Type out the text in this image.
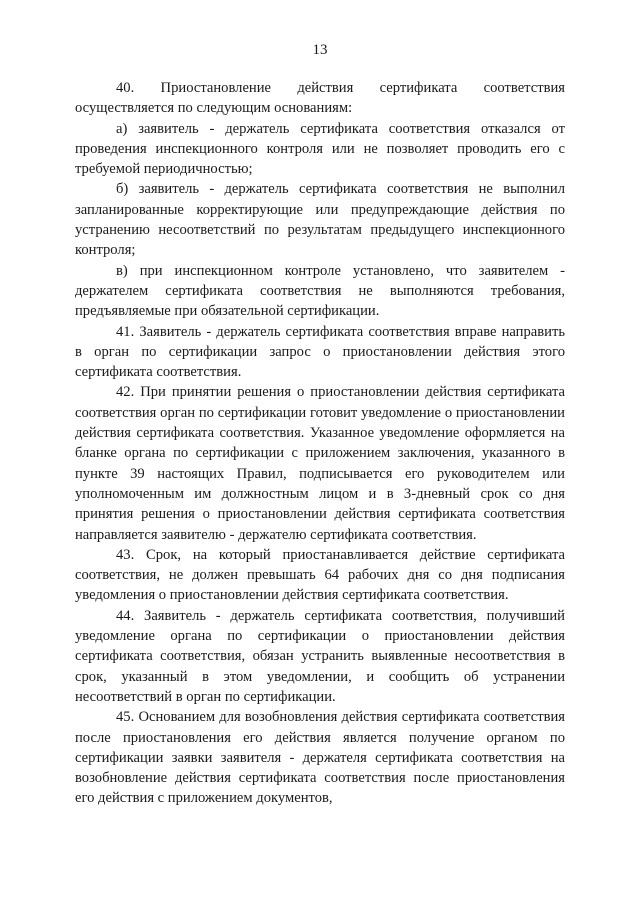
13

40. Приостановление действия сертификата соответствия осуществляется по следующим основаниям:

а) заявитель - держатель сертификата соответствия отказался от проведения инспекционного контроля или не позволяет проводить его с требуемой периодичностью;

б) заявитель - держатель сертификата соответствия не выполнил запланированные корректирующие или предупреждающие действия по устранению несоответствий по результатам предыдущего инспекционного контроля;

в) при инспекционном контроле установлено, что заявителем - держателем сертификата соответствия не выполняются требования, предъявляемые при обязательной сертификации.

41. Заявитель - держатель сертификата соответствия вправе направить в орган по сертификации запрос о приостановлении действия этого сертификата соответствия.

42. При принятии решения о приостановлении действия сертификата соответствия орган по сертификации готовит уведомление о приостановлении действия сертификата соответствия. Указанное уведомление оформляется на бланке органа по сертификации с приложением заключения, указанного в пункте 39 настоящих Правил, подписывается его руководителем или уполномоченным им должностным лицом и в 3-дневный срок со дня принятия решения о приостановлении действия сертификата соответствия направляется заявителю - держателю сертификата соответствия.

43. Срок, на который приостанавливается действие сертификата соответствия, не должен превышать 64 рабочих дня со дня подписания уведомления о приостановлении действия сертификата соответствия.

44. Заявитель - держатель сертификата соответствия, получивший уведомление органа по сертификации о приостановлении действия сертификата соответствия, обязан устранить выявленные несоответствия в срок, указанный в этом уведомлении, и сообщить об устранении несоответствий в орган по сертификации.

45. Основанием для возобновления действия сертификата соответствия после приостановления его действия является получение органом по сертификации заявки заявителя - держателя сертификата соответствия на возобновление действия сертификата соответствия после приостановления его действия с приложением документов,
